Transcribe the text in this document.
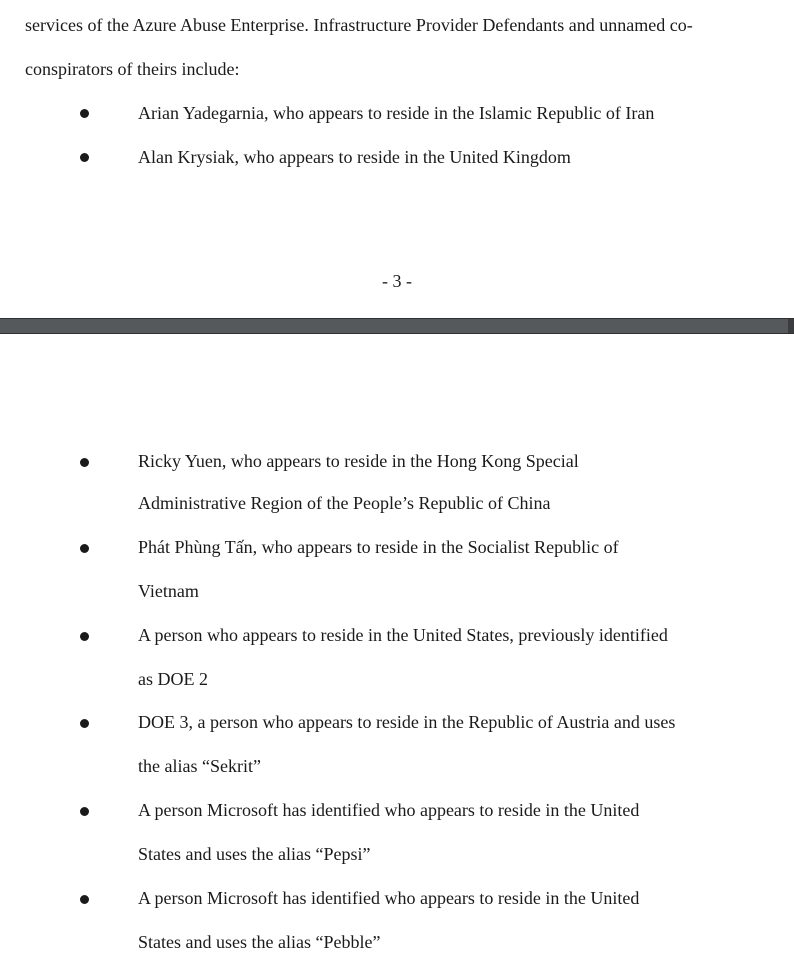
services of the Azure Abuse Enterprise. Infrastructure Provider Defendants and unnamed co-
conspirators of theirs include:
Arian Yadegarnia, who appears to reside in the Islamic Republic of Iran
Alan Krysiak, who appears to reside in the United Kingdom
- 3 -
Ricky Yuen, who appears to reside in the Hong Kong Special
Administrative Region of the People’s Republic of China
Phát Phùng Tấn, who appears to reside in the Socialist Republic of
Vietnam
A person who appears to reside in the United States, previously identified
as DOE 2
DOE 3, a person who appears to reside in the Republic of Austria and uses
the alias “Sekrit”
A person Microsoft has identified who appears to reside in the United
States and uses the alias “Pepsi”
A person Microsoft has identified who appears to reside in the United
States and uses the alias “Pebble”
